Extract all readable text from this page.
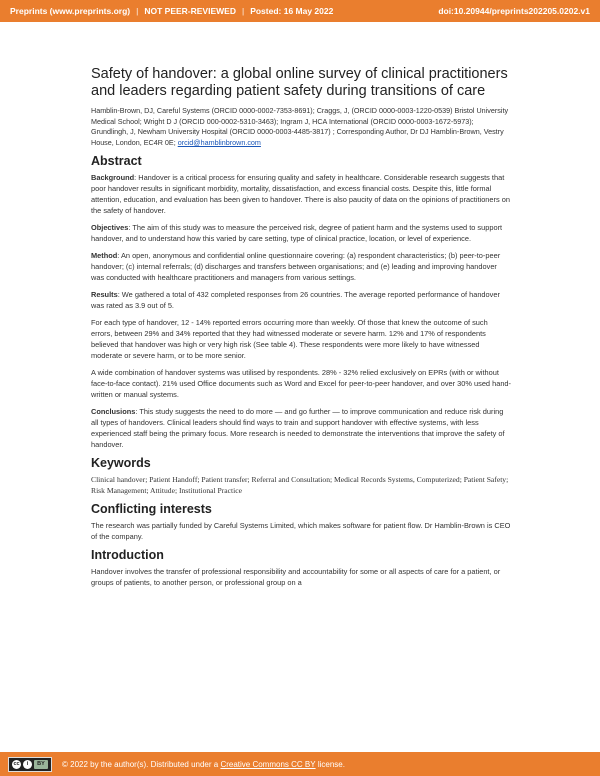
Preprints (www.preprints.org) | NOT PEER-REVIEWED | Posted: 16 May 2022	doi:10.20944/preprints202205.0202.v1
Safety of handover: a global online survey of clinical practitioners and leaders regarding patient safety during transitions of care

Hamblin-Brown, DJ, Careful Systems (ORCID 0000-0002-7353-8691); Craggs, J, (ORCID 0000-0003-1220-0539) Bristol University Medical School; Wright D J (ORCID 000-0002-5310-3463); Ingram J, HCA International (ORCID 0000-0003-1672-5973); Grundlingh, J, Newham University Hospital (ORCID 0000-0003-4485-3817) ; Corresponding Author, Dr DJ Hamblin-Brown, Vestry House, London, EC4R 0E; orcid@hamblinbrown.com

Abstract

Background: Handover is a critical process for ensuring quality and safety in healthcare. Considerable research suggests that poor handover results in significant morbidity, mortality, dissatisfaction, and excess financial costs. Despite this, little formal attention, education, and evaluation has been given to handover. There is also paucity of data on the opinions of practitioners on the safety of handover.

Objectives: The aim of this study was to measure the perceived risk, degree of patient harm and the systems used to support handover, and to understand how this varied by care setting, type of clinical practice, location, or level of experience.

Method: An open, anonymous and confidential online questionnaire covering: (a) respondent characteristics; (b) peer-to-peer handover; (c) internal referrals; (d) discharges and transfers between organisations; and (e) leading and improving handover was conducted with healthcare practitioners and managers from various settings.

Results: We gathered a total of 432 completed responses from 26 countries. The average reported performance of handover was rated as 3.9 out of 5.

For each type of handover, 12 - 14% reported errors occurring more than weekly. Of those that knew the outcome of such errors, between 29% and 34% reported that they had witnessed moderate or severe harm. 12% and 17% of respondents believed that handover was high or very high risk (See table 4). These respondents were more likely to have witnessed moderate or severe harm, or to be more senior.

A wide combination of handover systems was utilised by respondents. 28% - 32% relied exclusively on EPRs (with or without face-to-face contact). 21% used Office documents such as Word and Excel for peer-to-peer handover, and over 30% used hand-written or manual systems.

Conclusions: This study suggests the need to do more — and go further — to improve communication and reduce risk during all types of handovers. Clinical leaders should find ways to train and support handover with effective systems, with less experienced staff being the primary focus. More research is needed to demonstrate the interventions that improve the safety of handover.

Keywords

Clinical handover; Patient Handoff; Patient transfer; Referral and Consultation; Medical Records Systems, Computerized; Patient Safety; Risk Management; Attitude; Institutional Practice

Conflicting interests

The research was partially funded by Careful Systems Limited, which makes software for patient flow. Dr Hamblin-Brown is CEO of the company.

Introduction

Handover involves the transfer of professional responsibility and accountability for some or all aspects of care for a patient, or groups of patients, to another person, or professional group on a

cc	i	BY	© 2022 by the author(s). Distributed under a
Creative Commons CC BY
license.
